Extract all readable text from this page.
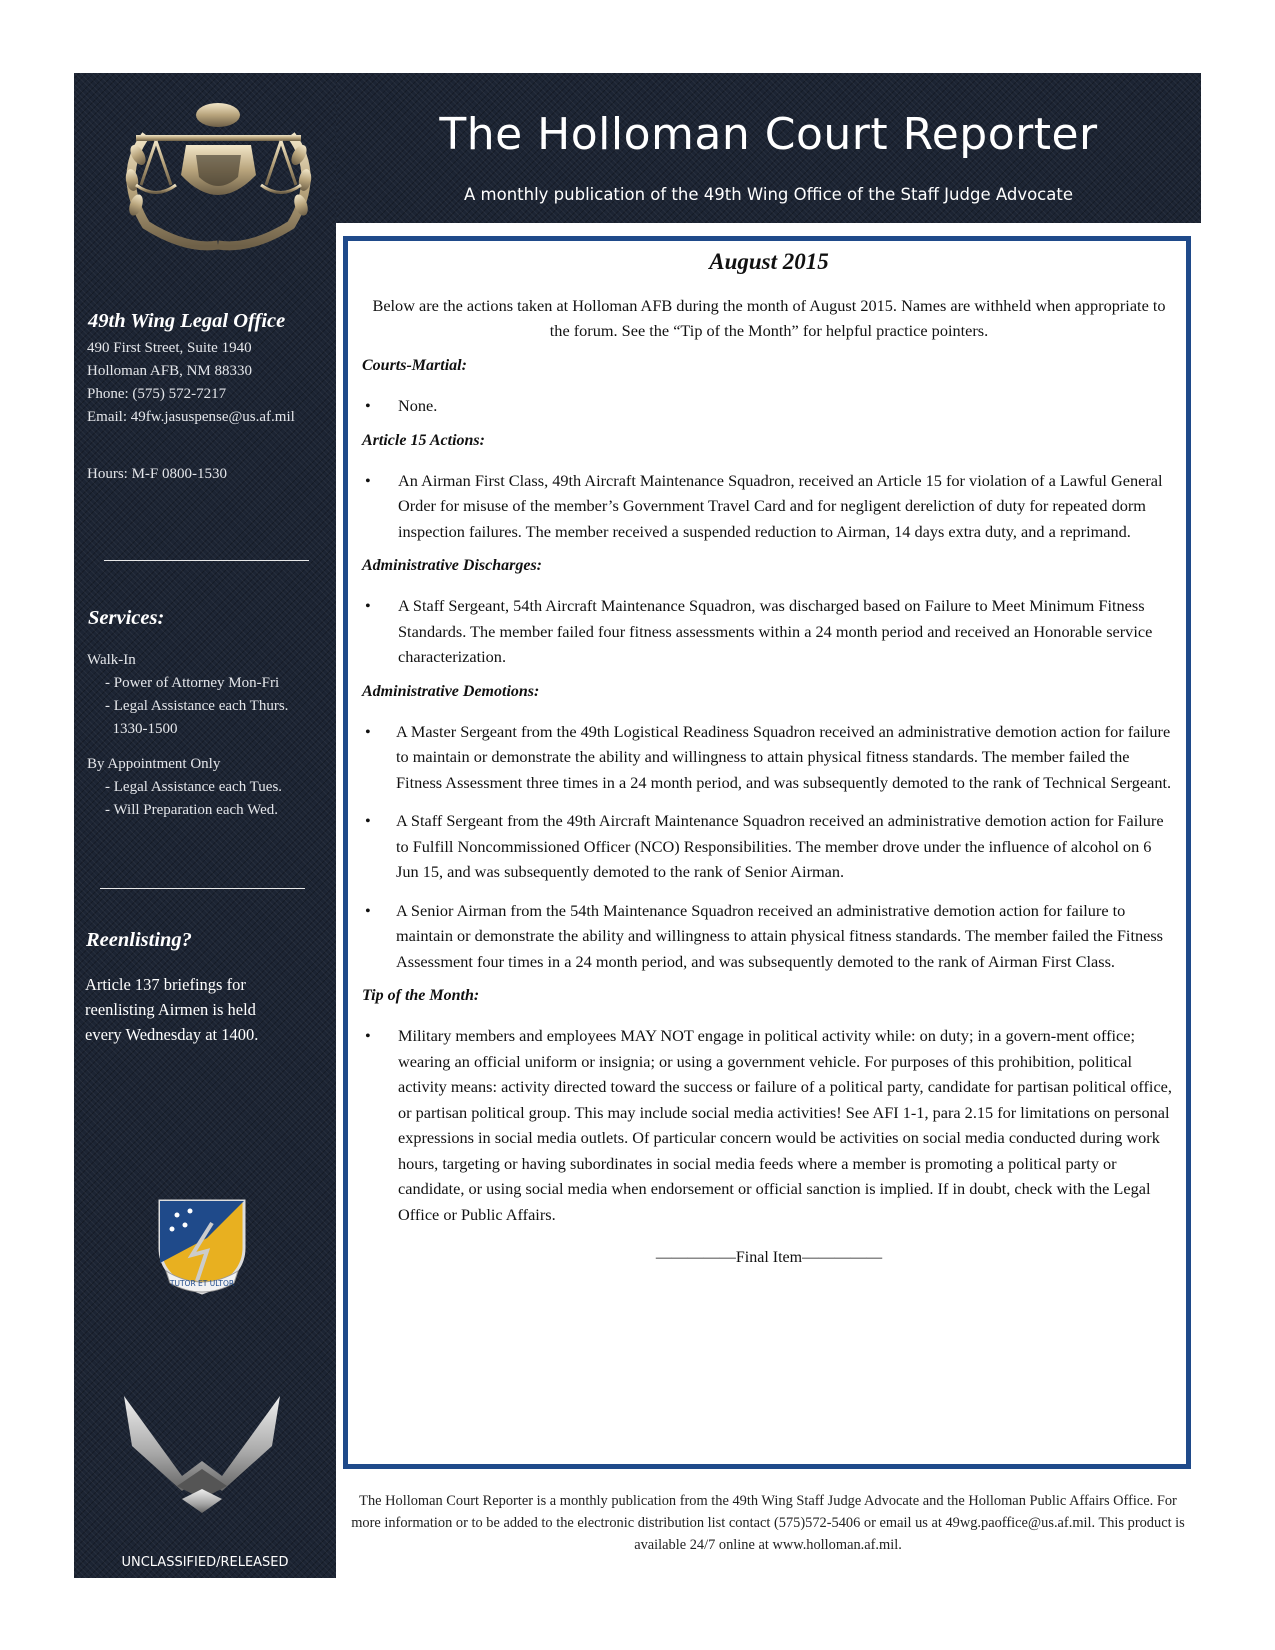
49th Wing Legal Office
490 First Street, Suite 1940
Holloman AFB, NM 88330
Phone: (575) 572-7217
Email: 49fw.jasuspense@us.af.mil
Hours: M-F 0800-1530
Services:
Walk-In
- Power of Attorney Mon-Fri
- Legal Assistance each Thurs.
1330-1500
By Appointment Only
- Legal Assistance each Tues.
- Will Preparation each Wed.
Reenlisting?
Article 137 briefings for
reenlisting Airmen is held
every Wednesday at 1400.
TUTOR ET ULTOR
UNCLASSIFIED/RELEASED
The Holloman Court Reporter
A monthly publication of the 49th Wing Office of the Staff Judge Advocate
August 2015
Below are the actions taken at Holloman AFB during the month of August 2015. Names are withheld when appropriate to the forum. See the “Tip of the Month” for helpful practice pointers.
Courts-Martial:
• None.
Article 15 Actions:
• An Airman First Class, 49th Aircraft Maintenance Squadron, received an Article 15 for violation of a Lawful General Order for misuse of the member’s Government Travel Card and for negligent dereliction of duty for repeated dorm inspection failures. The member received a suspended reduction to Airman, 14 days extra duty, and a reprimand.
Administrative Discharges:
• A Staff Sergeant, 54th Aircraft Maintenance Squadron, was discharged based on Failure to Meet Minimum Fitness Standards. The member failed four fitness assessments within a 24 month period and received an Honorable service characterization.
Administrative Demotions:
• A Master Sergeant from the 49th Logistical Readiness Squadron received an administrative demotion action for failure to maintain or demonstrate the ability and willingness to attain physical fitness standards. The member failed the Fitness Assessment three times in a 24 month period, and was subsequently demoted to the rank of Technical Sergeant.
• A Staff Sergeant from the 49th Aircraft Maintenance Squadron received an administrative demotion action for Failure to Fulfill Noncommissioned Officer (NCO) Responsibilities. The member drove under the influence of alcohol on 6 Jun 15, and was subsequently demoted to the rank of Senior Airman.
• A Senior Airman from the 54th Maintenance Squadron received an administrative demotion action for failure to maintain or demonstrate the ability and willingness to attain physical fitness standards. The member failed the Fitness Assessment four times in a 24 month period, and was subsequently demoted to the rank of Airman First Class.
Tip of the Month:
• Military members and employees MAY NOT engage in political activity while: on duty; in a govern-ment office; wearing an official uniform or insignia; or using a government vehicle. For purposes of this prohibition, political activity means: activity directed toward the success or failure of a political party, candidate for partisan political office, or partisan political group. This may include social media activities! See AFI 1-1, para 2.15 for limitations on personal expressions in social media outlets. Of particular concern would be activities on social media conducted during work hours, targeting or having subordinates in social media feeds where a member is promoting a political party or candidate, or using social media when endorsement or official sanction is implied. If in doubt, check with the Legal Office or Public Affairs.
—————Final Item—————
The Holloman Court Reporter is a monthly publication from the 49th Wing Staff Judge Advocate and the Holloman Public Affairs Office. For more information or to be added to the electronic distribution list contact (575)572-5406 or email us at 49wg.paoffice@us.af.mil. This product is available 24/7 online at www.holloman.af.mil.
